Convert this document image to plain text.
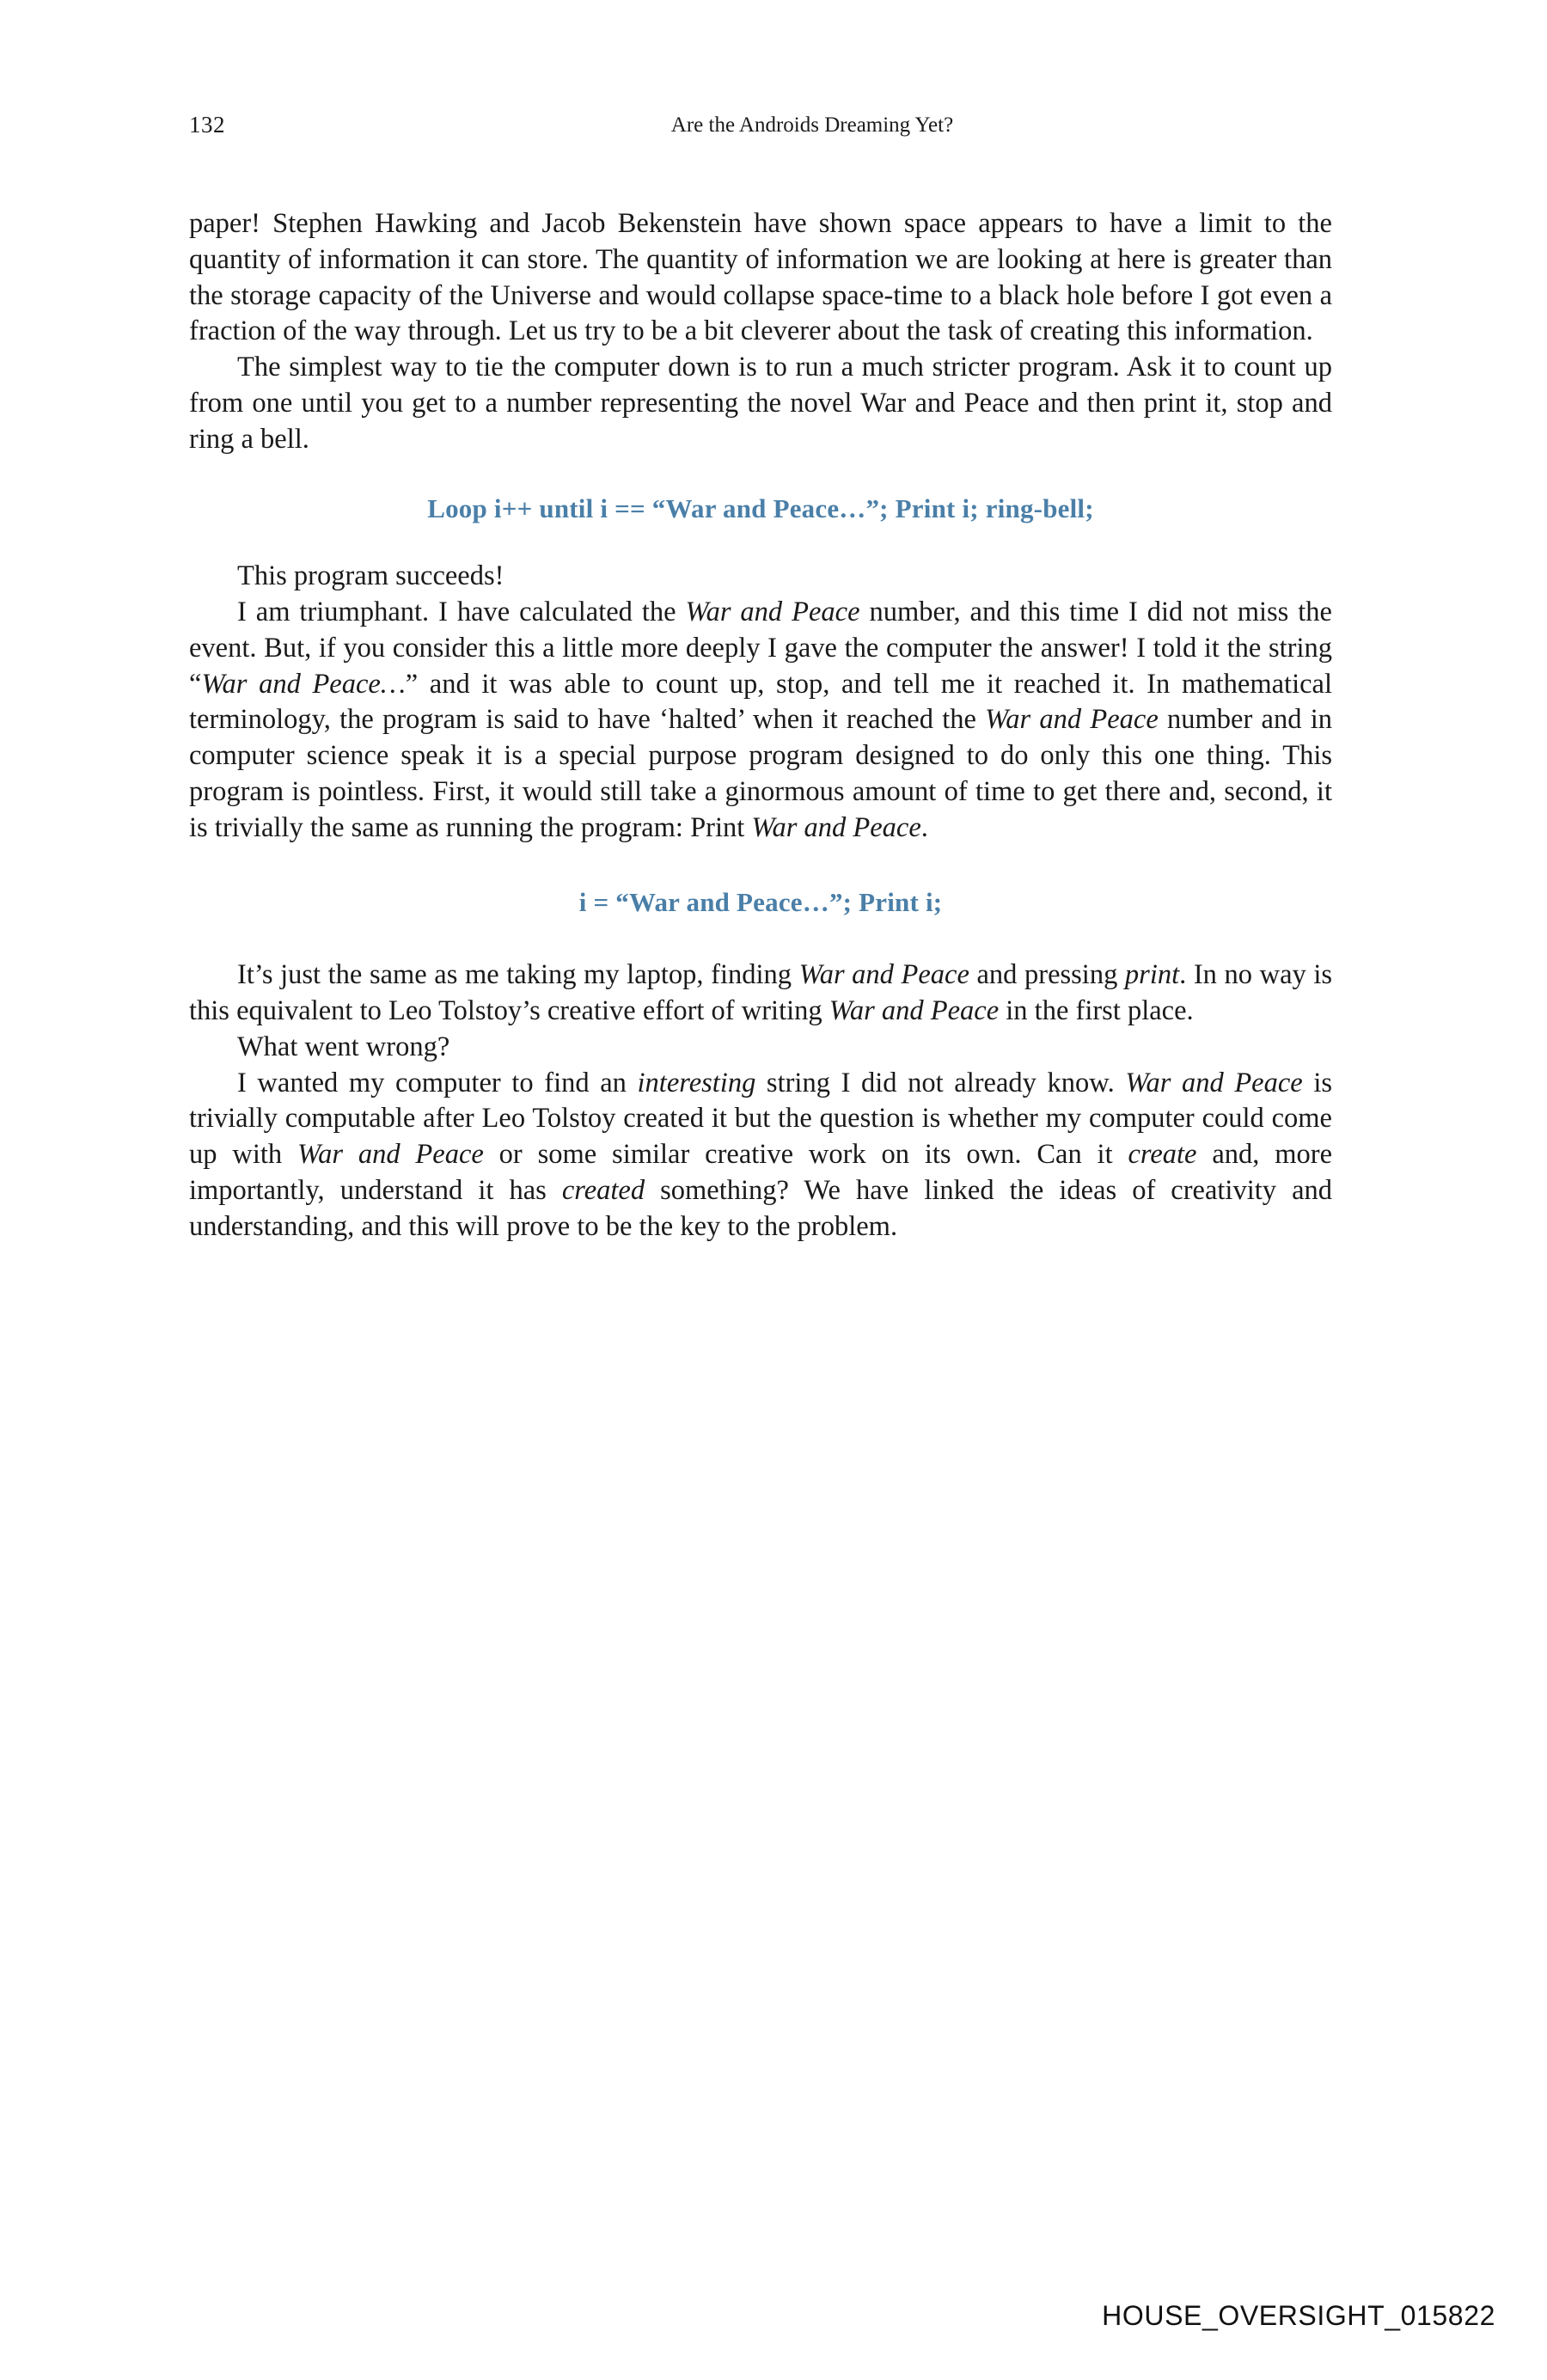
132	Are the Androids Dreaming Yet?

paper! Stephen Hawking and Jacob Bekenstein have shown space appears to have a limit to the quantity of information it can store. The quantity of information we are looking at here is greater than the storage capacity of the Universe and would collapse space-time to a black hole before I got even a fraction of the way through. Let us try to be a bit cleverer about the task of creating this information.

The simplest way to tie the computer down is to run a much stricter program. Ask it to count up from one until you get to a number representing the novel War and Peace and then print it, stop and ring a bell.

Loop i++ until i == “War and Peace…”; Print i; ring-bell;

This program succeeds!

I am triumphant. I have calculated the War and Peace number, and this time I did not miss the event. But, if you consider this a little more deeply I gave the computer the answer! I told it the string “War and Peace…” and it was able to count up, stop, and tell me it reached it. In mathematical terminology, the program is said to have ‘halted’ when it reached the War and Peace number and in computer science speak it is a special purpose program designed to do only this one thing. This program is pointless. First, it would still take a ginormous amount of time to get there and, second, it is trivially the same as running the program: Print War and Peace.

i = “War and Peace…”; Print i;

It’s just the same as me taking my laptop, finding War and Peace and pressing print. In no way is this equivalent to Leo Tolstoy’s creative effort of writing War and Peace in the first place.

What went wrong?

I wanted my computer to find an interesting string I did not already know. War and Peace is trivially computable after Leo Tolstoy created it but the question is whether my computer could come up with War and Peace or some similar creative work on its own. Can it create and, more importantly, understand it has created something? We have linked the ideas of creativity and understanding, and this will prove to be the key to the problem.

HOUSE_OVERSIGHT_015822
